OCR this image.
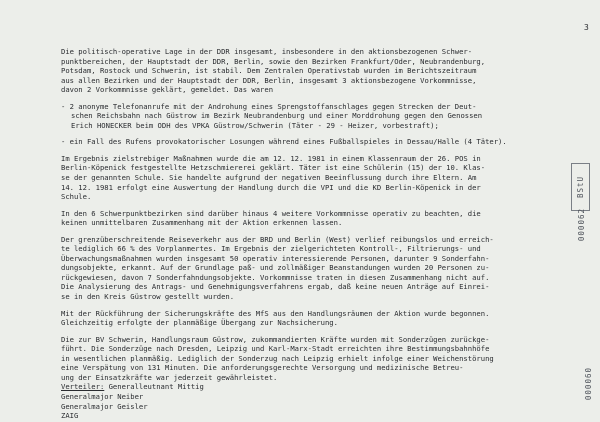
3

Die politisch-operative Lage in der DDR insgesamt, insbesondere in den aktionsbezogenen Schwer-

punktbereichen, der Hauptstadt der DDR, Berlin, sowie den Bezirken Frankfurt/Oder, Neubrandenburg,

Potsdam, Rostock und Schwerin, ist stabil. Dem Zentralen Operativstab wurden im Berichtszeitraum

aus allen Bezirken und der Hauptstadt der DDR, Berlin, insgesamt 3 aktionsbezogene Vorkommnisse,

davon 2 Vorkommnisse geklärt, gemeldet. Das waren

- 2 anonyme Telefonanrufe mit der Androhung eines Sprengstoffanschlages gegen Strecken der Deut-

schen Reichsbahn nach Güstrow im Bezirk Neubrandenburg und einer Morddrohung gegen den Genossen

Erich HONECKER beim ODH des VPKA Güstrow/Schwerin (Täter - 29 - Heizer, vorbestraft);

- ein Fall des Rufens provokatorischer Losungen während eines Fußballspieles in Dessau/Halle (4 Täter).

Im Ergebnis zielstrebiger Maßnahmen wurde die am 12. 12. 1981 in einem Klassenraum der 26. POS in

Berlin-Köpenick festgestellte Hetzschmiererei geklärt. Täter ist eine Schülerin (15) der 10. Klas-

se der genannten Schule. Sie handelte aufgrund der negativen Beeinflussung durch ihre Eltern. Am

14. 12. 1981 erfolgt eine Auswertung der Handlung durch die VPI und die KD Berlin-Köpenick in der

Schule.

In den 6 Schwerpunktbezirken sind darüber hinaus 4 weitere Vorkommnisse operativ zu beachten, die

keinen unmittelbaren Zusammenhang mit der Aktion erkennen lassen.

Der grenzüberschreitende Reiseverkehr aus der BRD und Berlin (West) verlief reibungslos und erreich-

te lediglich 66 % des Vorplanmertes. Im Ergebnis der zielgerichteten Kontroll-, Filtrierungs- und

Überwachungsmaßnahmen wurden insgesamt 50 operativ interessierende Personen, darunter 9 Sonderfahn-

dungsobjekte, erkannt. Auf der Grundlage paß- und zollmäßiger Beanstandungen wurden 20 Personen zu-

rückgewiesen, davon 7 Sonderfahndungsobjekte. Vorkommnisse traten in diesen Zusammenhang nicht auf.

Die Analysierung des Antrags- und Genehmigungsverfahrens ergab, daß keine neuen Anträge auf Einrei-

se in den Kreis Güstrow gestellt wurden.

Mit der Rückführung der Sicherungskräfte des MfS aus den Handlungsräumen der Aktion wurde begonnen.

Gleichzeitig erfolgte der planmäßige Übergang zur Nachsicherung.

Die zur BV Schwerin, Handlungsraum Güstrow, zukommandierten Kräfte wurden mit Sonderzügen zurückge-

führt. Die Sonderzüge nach Dresden, Leipzig und Karl-Marx-Stadt erreichten ihre Bestimmungsbahnhöfe

in wesentlichen planmäßig. Lediglich der Sonderzug nach Leipzig erhielt infolge einer Weichenstörung

eine Verspätung von 131 Minuten. Die anforderungsgerechte Versorgung und medizinische Betreu-

ung der Einsatzkräfte war jederzeit gewährleistet.

Verteiler: Generalleutnant Mittig

Generalmajor Neiber

Generalmajor Geisler

ZAIG

BStU
000062
000060
